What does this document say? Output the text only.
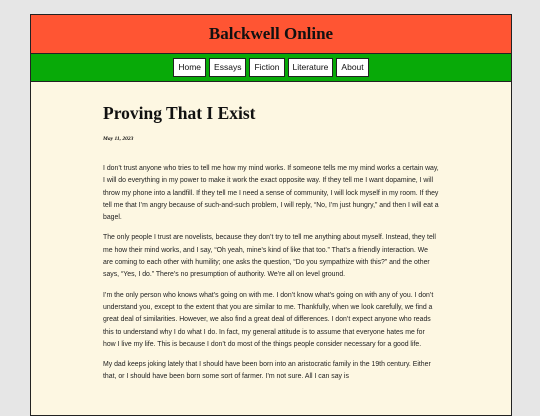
Balckwell Online
Home	Essays	Fiction	Literature	About
Proving That I Exist

May 11, 2023

I don’t trust anyone who tries to tell me how my mind works. If someone tells me my mind works a certain way, I will do everything in my power to make it work the exact opposite way. If they tell me I want dopamine, I will throw my phone into a landfill. If they tell me I need a sense of community, I will lock myself in my room. If they tell me that I’m angry because of such-and-such problem, I will reply, “No, I’m just hungry,” and then I will eat a bagel.

The only people I trust are novelists, because they don’t try to tell me anything about myself. Instead, they tell me how their mind works, and I say, “Oh yeah, mine’s kind of like that too.” That’s a friendly interaction. We are coming to each other with humility; one asks the question, “Do you sympathize with this?” and the other says, “Yes, I do.” There’s no presumption of authority. We’re all on level ground.

I’m the only person who knows what’s going on with me. I don’t know what’s going on with any of you. I don’t understand you, except to the extent that you are similar to me. Thankfully, when we look carefully, we find a great deal of similarities. However, we also find a great deal of differences. I don’t expect anyone who reads this to understand why I do what I do. In fact, my general attitude is to assume that everyone hates me for how I live my life. This is because I don’t do most of the things people consider necessary for a good life.

My dad keeps joking lately that I should have been born into an aristocratic family in the 19th century. Either that, or I should have been born some sort of farmer. I’m not sure. All I can say is
